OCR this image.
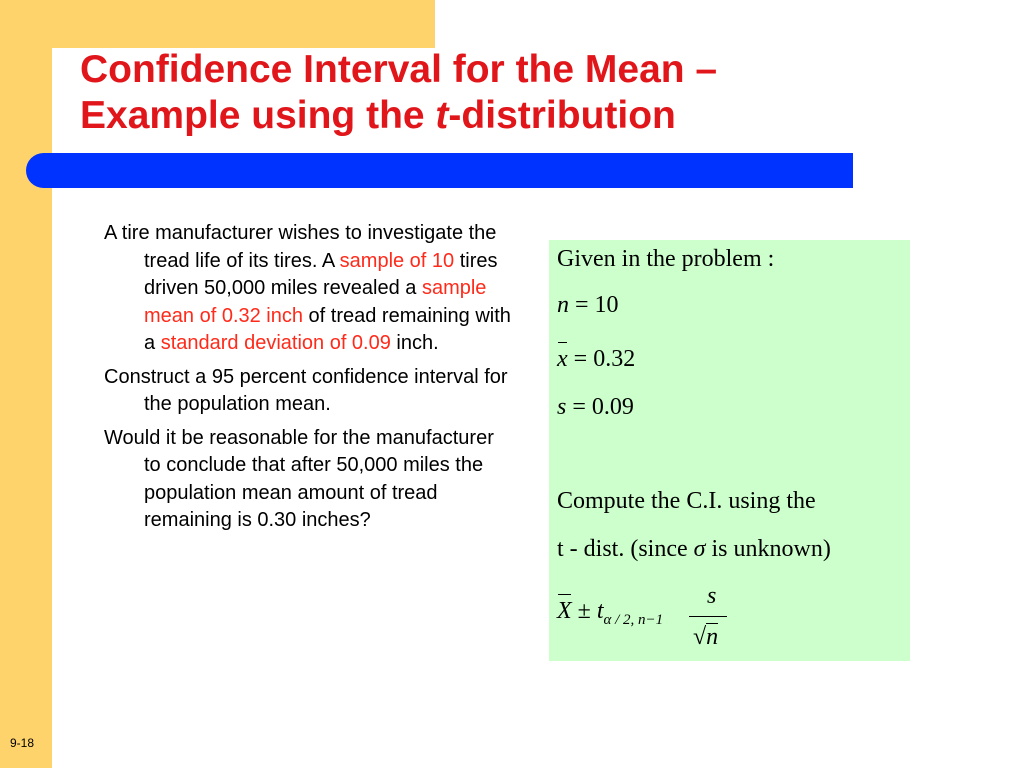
Confidence Interval for the Mean –
Example using the t-distribution

A tire manufacturer wishes to investigate the tread life of its tires. A sample of 10 tires driven 50,000 miles revealed a sample mean of 0.32 inch of tread remaining with a standard deviation of 0.09 inch.

Construct a 95 percent confidence interval for the population mean.

Would it be reasonable for the manufacturer to conclude that after 50,000 miles the population mean amount of tread remaining is 0.30 inches?

Given in the problem :
n = 10
x = 0.32
s = 0.09
Compute the C.I. using the
t - dist. (since σ is unknown)
$X \pm t_{\alpha / 2, n-1}$
s
√n
9-18
